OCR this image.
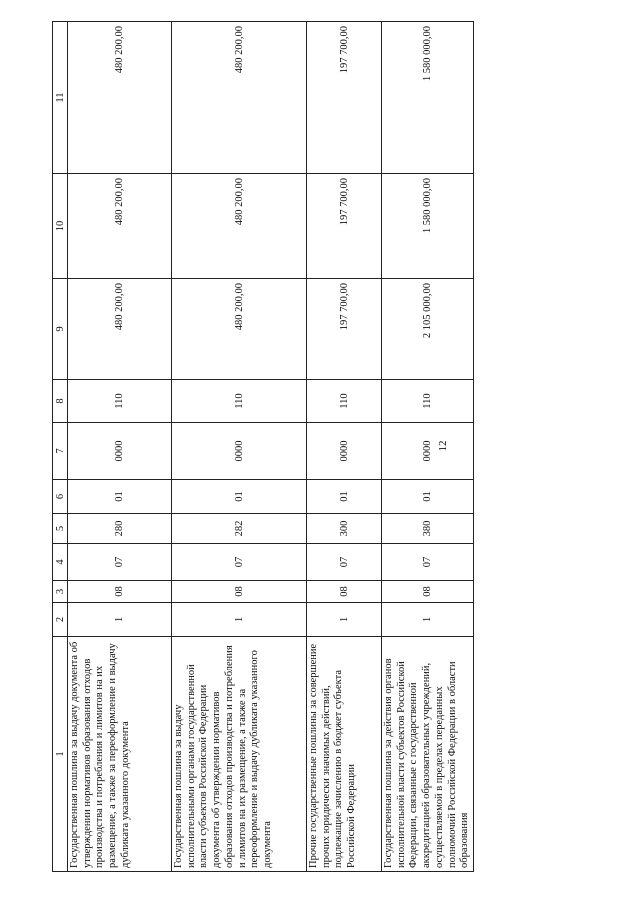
12
1	2	3	4	5	6	7	8	9	10	11
Государственная пошлина за выдачу документа об утверждении нормативов образования отходов производства и потребления и лимитов на их размещение, а также за переоформление и выдачу дубликата указанного документа	1	08	07	280	01	0000	110	480 200,00	480 200,00	480 200,00
Государственная пошлина за выдачу исполнительными органами государственной власти субъектов Российской Федерации документа об утверждении нормативов образования отходов производства и потребления и лимитов на их размещение, а также за переоформление и выдачу дубликата указанного документа	1	08	07	282	01	0000	110	480 200,00	480 200,00	480 200,00
Прочие государственные пошлины за совершение прочих юридически значимых действий, подлежащие зачислению в бюджет субъекта Российской Федерации	1	08	07	300	01	0000	110	197 700,00	197 700,00	197 700,00
Государственная пошлина за действия органов исполнительной власти субъектов Российской Федерации, связанные с государственной аккредитацией образовательных учреждений, осуществляемой в пределах переданных полномочий Российской Федерации в области образования	1	08	07	380	01	0000	110	2 105 000,00	1 580 000,00	1 580 000,00
